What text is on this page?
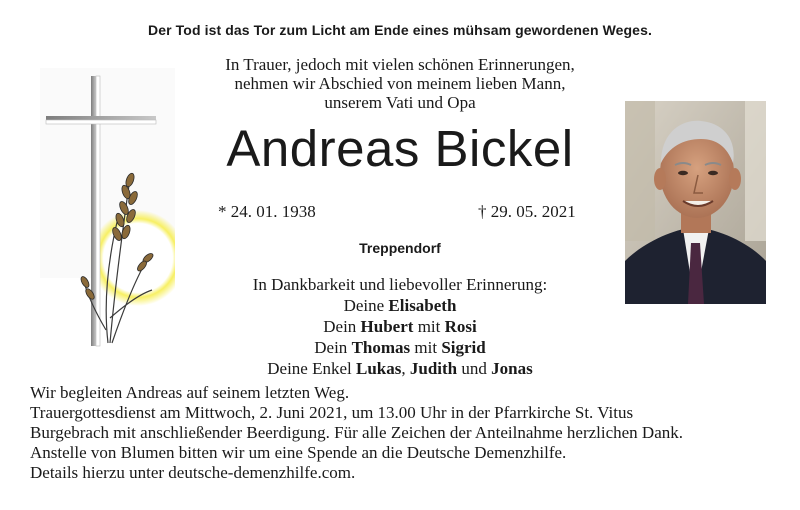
Der Tod ist das Tor zum Licht am Ende eines mühsam gewordenen Weges.
In Trauer, jedoch mit vielen schönen Erinnerungen,
nehmen wir Abschied von meinem lieben Mann,
unserem Vati und Opa
Andreas Bickel
* 24. 01. 1938	† 29. 05. 2021
Treppendorf
In Dankbarkeit und liebevoller Erinnerung:
Deine Elisabeth
Dein Hubert mit Rosi
Dein Thomas mit Sigrid
Deine Enkel Lukas, Judith und Jonas
Wir begleiten Andreas auf seinem letzten Weg.
Trauergottesdienst am Mittwoch, 2. Juni 2021, um 13.00 Uhr in der Pfarrkirche St. Vitus
Burgebrach mit anschließender Beerdigung. Für alle Zeichen der Anteilnahme herzlichen Dank.
Anstelle von Blumen bitten wir um eine Spende an die Deutsche Demenzhilfe.
Details hierzu unter deutsche-demenzhilfe.com.
